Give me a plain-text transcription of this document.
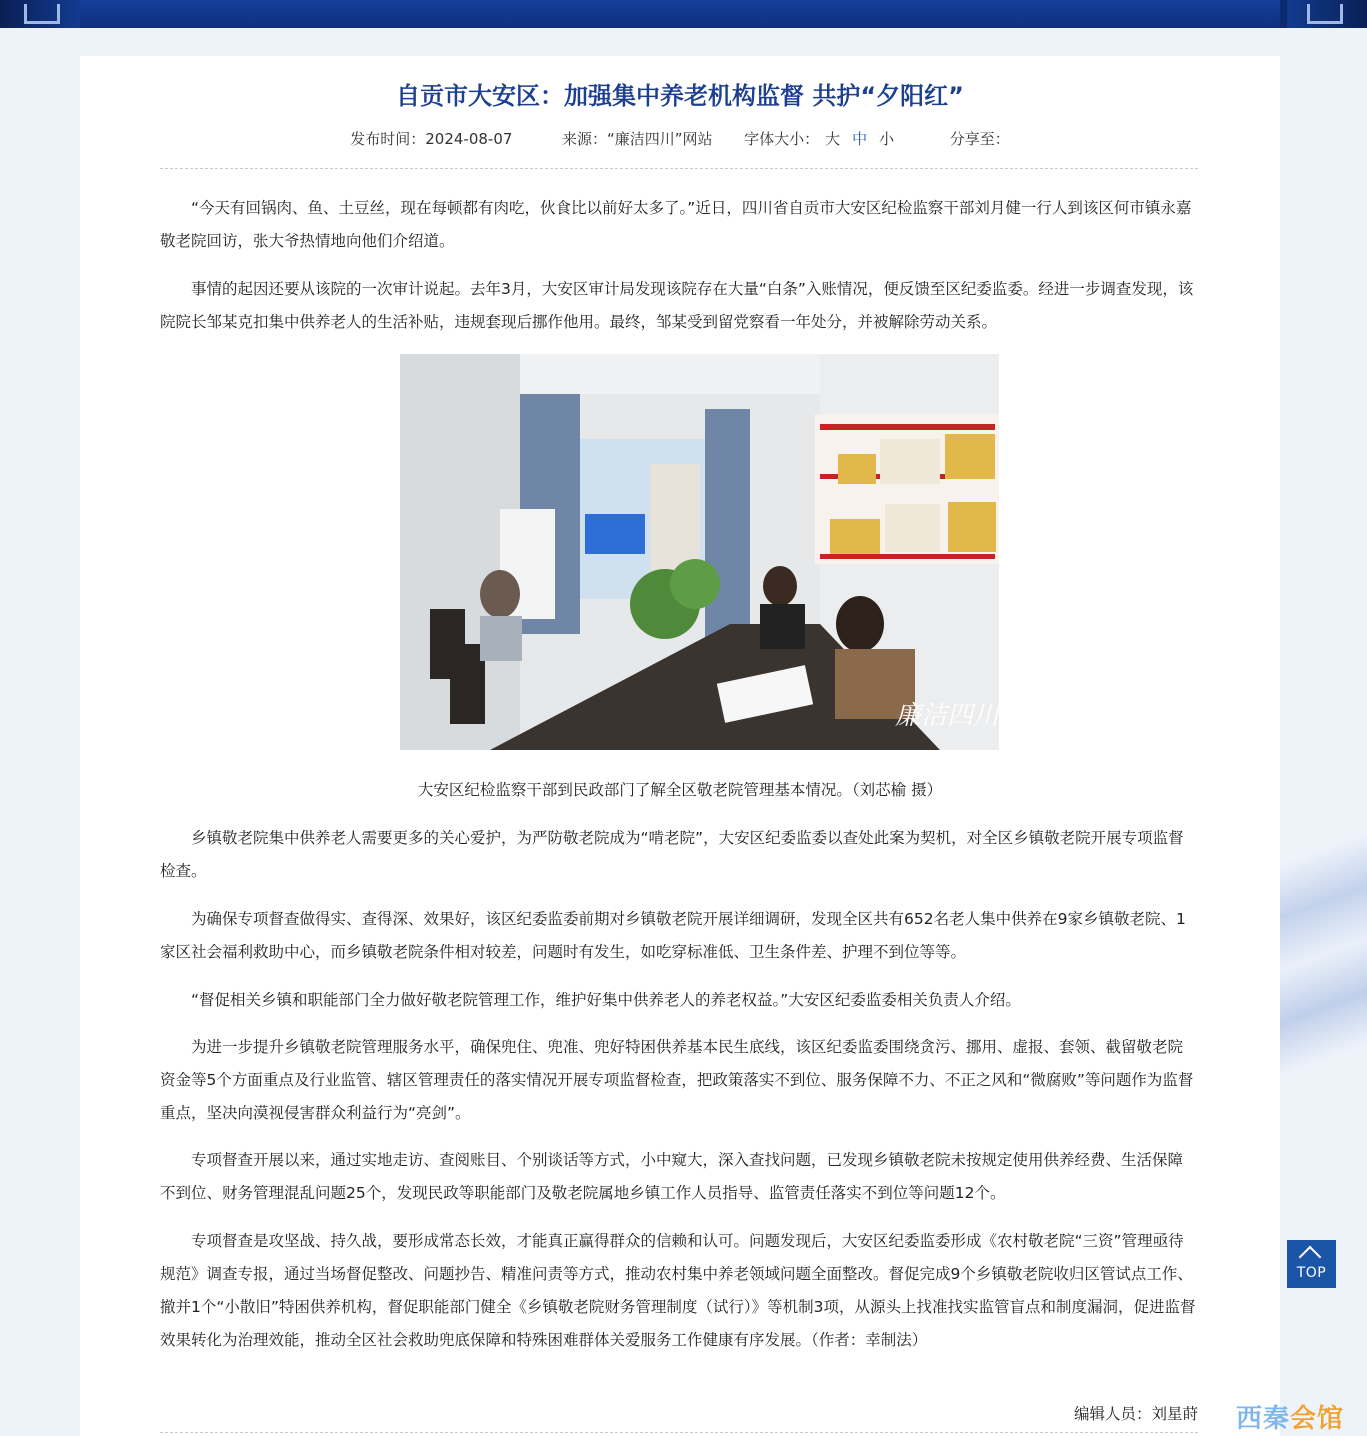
自贡市大安区：加强集中养老机构监督 共护“夕阳红”
发布时间：2024-08-07	来源：“廉洁四川”网站 字体大小： 大 中 小	分享至：

“今天有回锅肉、鱼、土豆丝，现在每顿都有肉吃，伙食比以前好太多了。”近日，四川省自贡市大安区纪检监察干部刘月健一行人到该区何市镇永嘉敬老院回访，张大爷热情地向他们介绍道。

事情的起因还要从该院的一次审计说起。去年3月，大安区审计局发现该院存在大量“白条”入账情况，便反馈至区纪委监委。经进一步调查发现，该院院长邹某克扣集中供养老人的生活补贴，违规套现后挪作他用。最终，邹某受到留党察看一年处分，并被解除劳动关系。

廉洁四川
大安区纪检监察干部到民政部门了解全区敬老院管理基本情况。（刘芯榆 摄）

乡镇敬老院集中供养老人需要更多的关心爱护，为严防敬老院成为“啃老院”，大安区纪委监委以查处此案为契机，对全区乡镇敬老院开展专项监督检查。

为确保专项督查做得实、查得深、效果好，该区纪委监委前期对乡镇敬老院开展详细调研，发现全区共有652名老人集中供养在9家乡镇敬老院、1家区社会福利救助中心，而乡镇敬老院条件相对较差，问题时有发生，如吃穿标准低、卫生条件差、护理不到位等等。

“督促相关乡镇和职能部门全力做好敬老院管理工作，维护好集中供养老人的养老权益。”大安区纪委监委相关负责人介绍。

为进一步提升乡镇敬老院管理服务水平，确保兜住、兜准、兜好特困供养基本民生底线，该区纪委监委围绕贪污、挪用、虚报、套领、截留敬老院资金等5个方面重点及行业监管、辖区管理责任的落实情况开展专项监督检查，把政策落实不到位、服务保障不力、不正之风和“微腐败”等问题作为监督重点，坚决向漠视侵害群众利益行为“亮剑”。

专项督查开展以来，通过实地走访、查阅账目、个别谈话等方式，小中窥大，深入查找问题，已发现乡镇敬老院未按规定使用供养经费、生活保障不到位、财务管理混乱问题25个，发现民政等职能部门及敬老院属地乡镇工作人员指导、监管责任落实不到位等问题12个。

专项督查是攻坚战、持久战，要形成常态长效，才能真正赢得群众的信赖和认可。问题发现后，大安区纪委监委形成《农村敬老院“三资”管理亟待规范》调查专报，通过当场督促整改、问题抄告、精准问责等方式，推动农村集中养老领域问题全面整改。督促完成9个乡镇敬老院收归区管试点工作、撤并1个“小散旧”特困供养机构，督促职能部门健全《乡镇敬老院财务管理制度（试行）》等机制3项，从源头上找准找实监管盲点和制度漏洞，促进监督效果转化为治理效能，推动全区社会救助兜底保障和特殊困难群体关爱服务工作健康有序发展。（作者：幸制法）

编辑人员：刘星莳
TOP
西秦会馆
